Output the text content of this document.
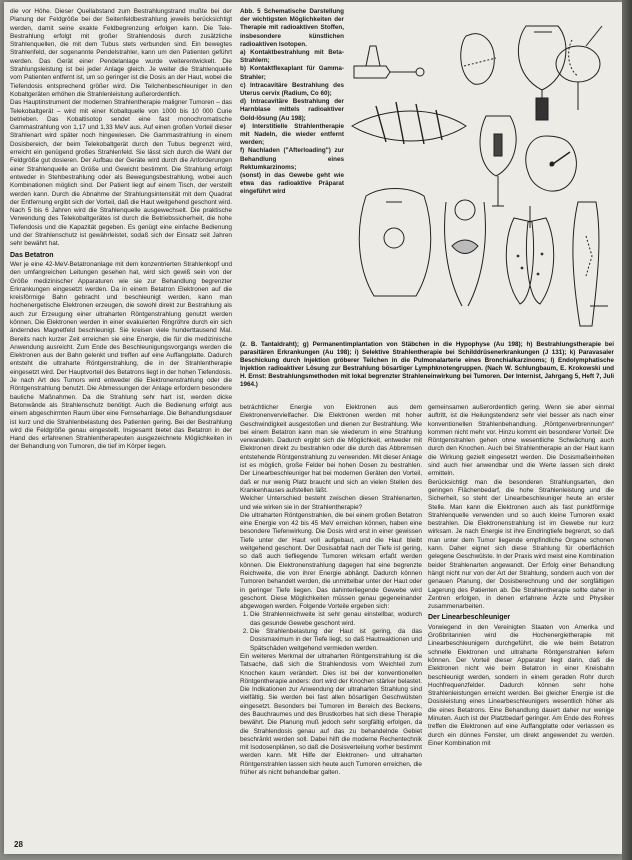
die vor Höhe. Dieser Quellabstand zum Bestrahlungstrand mußte bei der Planung der Feldgröße bei der Seitenfeldbestrahlung jeweils berücksichtigt werden, damit seine exakte Feldbegrenzung erfolgen kann. Die Tele-Bestrahlung erfolgt mit großer Strahlendosis durch zusätzliche Strahlenquellen, die mit dem Tubus stets verbunden sind. Ein bewegtes Strahlenfeld, der sogenannte Pendelstrahler, kann um den Patienten geführt werden. Das Gerät einer Pendelanlage wurde weiterentwickelt. Die Strahlungsleistung ist bei jeder Anlage gleich. Je weiter die Strahlenquelle vom Patienten entfernt ist, um so geringer ist die Dosis an der Haut, wobei die Tiefendosis entsprechend größer wird. Die Teilchenbeschleuniger in den Kobaltgeräten erhöhen die Strahlenleistung außerordentlich.

Das Hauptinstrument der modernen Strahlentherapie maligner Tumoren – das Telekobaltgerät – wird mit einer Kobaltquelle von 1000 bis 10 000 Curie betrieben. Das Kobaltisotop sendet eine fast monochromatische Gammastrahlung von 1,17 und 1,33 MeV aus. Auf einen großen Vorteil dieser Strahlenart wird später noch hingewiesen. Die Gammastrahlung in einem Dosisbereich, der beim Telekobaltgerät durch den Tubus begrenzt wird, erreicht ein genügend großes Strahlenfeld. Sie lässt sich durch die Wahl der Feldgröße gut dosieren. Der Aufbau der Geräte wird durch die Anforderungen einer Strahlenquelle an Größe und Gewicht bestimmt. Die Strahlung erfolgt entweder in Stehbestrahlung oder als Bewegungsbestrahlung, wobei auch Kombinationen möglich sind. Der Patient liegt auf einem Tisch, der verstellt werden kann. Durch die Abnahme der Strahlungsintensität mit dem Quadrat der Entfernung ergibt sich der Vorteil, daß die Haut weitgehend geschont wird. Nach 5 bis 6 Jahren wird die Strahlenquelle ausgewechselt. Die praktische Verwendung des Telekobaltgerätes ist durch die Betriebssicherheit, die hohe Tiefendosis und die Kapazität gegeben. Es genügt eine einfache Bedienung und der Strahlenschutz ist gewährleistet, sodaß sich der Einsatz seit Jahren sehr bewährt hat.

Das Betatron

Wer je eine 42-MeV-Betatronanlage mit dem konzentrierten Strahlenkopf und den umfangreichen Leitungen gesehen hat, wird sich gewiß sein von der Größe medizinischer Apparaturen wie sie zur Behandlung begrenzter Erkrankungen eingesetzt werden. Da in einem Betatron Elektronen auf die kreisförmige Bahn gebracht und beschleunigt werden, kann man hochenergetische Elektronen erzeugen, die sowohl direkt zur Bestrahlung als auch zur Erzeugung einer ultraharten Röntgenstrahlung genutzt werden können. Die Elektronen werden in einer evakuierten Ringröhre durch ein sich änderndes Magnetfeld beschleunigt. Sie kreisen viele hunderttausend Mal. Bereits nach kurzer Zeit erreichen sie eine Energie, die für die medizinische Anwendung ausreicht. Zum Ende des Beschleunigungsvorgangs werden die Elektronen aus der Bahn gelenkt und treffen auf eine Auffangplatte. Dadurch entsteht die ultraharte Röntgenstrahlung, die in der Strahlentherapie eingesetzt wird. Der Hauptvorteil des Betatrons liegt in der hohen Tiefendosis. Je nach Art des Tumors wird entweder die Elektronenstrahlung oder die Röntgenstrahlung benutzt. Die Abmessungen der Anlage erfordern besondere bauliche Maßnahmen. Da die Strahlung sehr hart ist, werden dicke Betonwände als Strahlenschutz benötigt. Auch die Bedienung erfolgt aus einem abgeschirmten Raum über eine Fernsehanlage. Die Behandlungsdauer ist kurz und die Strahlenbelastung des Patienten gering. Bei der Bestrahlung wird die Feldgröße genau eingestellt. Insgesamt bietet das Betatron in der Hand des erfahrenen Strahlentherapeuten ausgezeichnete Möglichkeiten in der Behandlung von Tumoren, die tief im Körper liegen.

Abb. 5 Schematische Darstellung der wichtigsten Möglichkeiten der Therapie mit radioaktiven Stoffen, insbesondere künstlichen radioaktiven Isotopen.

a) Kontaktbestrahlung mit Beta-Strahlern;

b) Kontaktflexaplant für Gamma-Strahler;

c) Intracavitäre Bestrahlung des Uterus cervix (Radium, Co 60);

d) Intracavitäre Bestrahlung der Harnblase mittels radioaktiver Gold-lösung (Au 198);

e) Interstitielle Strahlentherapie mit Nadeln, die wieder entfernt werden;

f) Nachladen ("Afterloading") zur Behandlung eines Rektumkarzinoms;

(sonst) in das Gewebe geht wie etwa das radioaktive Präparat eingeführt wird

(z. B. Tantaldraht); g) Permanentimplantation von Stäbchen in die Hypophyse (Au 198); h) Bestrahlungstherapie bei parasitären Erkrankungen (Au 198); i) Selektive Strahlentherapie bei Schilddrüsenerkrankungen (J 131); k) Paravasaler Beschickung durch Injektion gröberer Teilchen in die Pulmonalarterie eines Bronchialkarzinoms; l) Endolymphatische Injektion radioaktiver Lösung zur Bestrahlung bösartiger Lymphknotengruppen. (Nach W. Schlungbaum, E. Krokowski und H. Ernst: Bestrahlungsmethoden mit lokal begrenzter Strahleneinwirkung bei Tumoren. Der Internist, Jahrgang 5, Heft 7, Juli 1964.)

beträchtlicher Energie von Elektronen aus dem Elektronenvervielfacher. Die Elektronen werden mit hoher Geschwindigkeit ausgestoßen und dienen zur Bestrahlung. Wie bei einem Betatron kann man sie wiederum in eine Strahlung verwandeln. Dadurch ergibt sich die Möglichkeit, entweder mit Elektronen direkt zu bestrahlen oder die durch das Abbremsen entstehende Röntgenstrahlung zu verwenden. Mit dieser Anlage ist es möglich, große Felder bei hohen Dosen zu bestrahlen. Der Linearbeschleuniger hat bei modernen Geräten den Vorteil, daß er nur wenig Platz braucht und sich an vielen Stellen des Krankenhauses aufstellen läßt.

Welcher Unterschied besteht zwischen diesen Strahlenarten, und wie wirken sie in der Strahlentherapie?

Die ultraharten Röntgenstrahlen, die bei einem großen Betatron eine Energie von 42 bis 45 MeV erreichen können, haben eine besondere Tiefenwirkung. Die Dosis wird erst in einer gewissen Tiefe unter der Haut voll aufgebaut, und die Haut bleibt weitgehend geschont. Der Dosisabfall nach der Tiefe ist gering, so daß auch tiefliegende Tumoren wirksam erfaßt werden können. Die Elektronenstrahlung dagegen hat eine begrenzte Reichweite, die von ihrer Energie abhängt. Dadurch können Tumoren behandelt werden, die unmittelbar unter der Haut oder in geringer Tiefe liegen. Das dahinterliegende Gewebe wird geschont. Diese Möglichkeiten müssen genau gegeneinander abgewogen werden. Folgende Vorteile ergeben sich:

1. Die Strahlenreichweite ist sehr genau einstellbar, wodurch das gesunde Gewebe geschont wird.
2. Die Strahlenbelastung der Haut ist gering, da das Dosismaximum in der Tiefe liegt, so daß Hautreaktionen und Spätschäden weitgehend vermieden werden.

Ein weiteres Merkmal der ultraharten Röntgenstrahlung ist die Tatsache, daß sich die Strahlendosis vom Weichteil zum Knochen kaum verändert. Dies ist bei der konventionellen Röntgentherapie anders: dort wird der Knochen stärker belastet. Die Indikationen zur Anwendung der ultraharten Strahlung sind vielfältig. Sie werden bei fast allen bösartigen Geschwülsten eingesetzt. Besonders bei Tumoren im Bereich des Beckens, des Bauchraumes und des Brustkorbes hat sich diese Therapie bewährt. Die Planung muß jedoch sehr sorgfältig erfolgen, da die Strahlendosis genau auf das zu behandelnde Gebiet beschränkt werden soll. Dabei hilft die moderne Rechentechnik mit Isodosenplänen, so daß die Dosisverteilung vorher bestimmt werden kann. Mit Hilfe der Elektronen- und ultraharten Röntgenstrahlen lassen sich heute auch Tumoren erreichen, die früher als nicht behandelbar galten.

gemeinsamen außerordentlich gering. Wenn sie aber einmal auftritt, ist die Heilungstendenz sehr viel besser als nach einer konventionellen Strahlenbehandlung. „Röntgenverbrennungen“ kommen nicht mehr vor. Hinzu kommt ein besonderer Vorteil: Die Röntgenstrahlen gehen ohne wesentliche Schwächung auch durch den Knochen. Auch bei Strahlentherapie an der Haut kann die Wirkung gezielt eingesetzt werden. Die Dosismaßeinheiten sind auch hier anwendbar und die Werte lassen sich direkt ermitteln.

Berücksichtigt man die besonderen Strahlungsarten, den geringen Flächenbedarf, die hohe Strahlenleistung und die Sicherheit, so steht der Linearbeschleuniger heute an erster Stelle. Man kann die Elektronen auch als fast punktförmige Strahlenquelle verwenden und so auch kleine Tumoren exakt bestrahlen. Die Elektronenstrahlung ist im Gewebe nur kurz wirksam. Je nach Energie ist ihre Eindringtiefe begrenzt, so daß man unter dem Tumor liegende empfindliche Organe schonen kann. Daher eignet sich diese Strahlung für oberflächlich gelegene Geschwülste. In der Praxis wird meist eine Kombination beider Strahlenarten angewandt. Der Erfolg einer Behandlung hängt nicht nur von der Art der Strahlung, sondern auch von der genauen Planung, der Dosisberechnung und der sorgfältigen Lagerung des Patienten ab. Die Strahlentherapie sollte daher in Zentren erfolgen, in denen erfahrene Ärzte und Physiker zusammenarbeiten.

Der Linearbeschleuniger

Vorwiegend in den Vereinigten Staaten von Amerika und Großbritannien wird die Hochenergietherapie mit Linearbeschleunigern durchgeführt, die wie beim Betatron schnelle Elektronen und ultraharte Röntgenstrahlen liefern können. Der Vorteil dieser Apparatur liegt darin, daß die Elektronen nicht wie beim Betatron in einer Kreisbahn beschleunigt werden, sondern in einem geraden Rohr durch Hochfrequenzfelder. Dadurch können sehr hohe Strahlenleistungen erreicht werden. Bei gleicher Energie ist die Dosisleistung eines Linearbeschleunigers wesentlich höher als die eines Betatrons. Eine Behandlung dauert daher nur wenige Minuten. Auch ist der Platzbedarf geringer. Am Ende des Rohres treffen die Elektronen auf eine Auffangplatte oder verlassen es durch ein dünnes Fenster, um direkt angewendet zu werden. Einer Kombination mit

28
